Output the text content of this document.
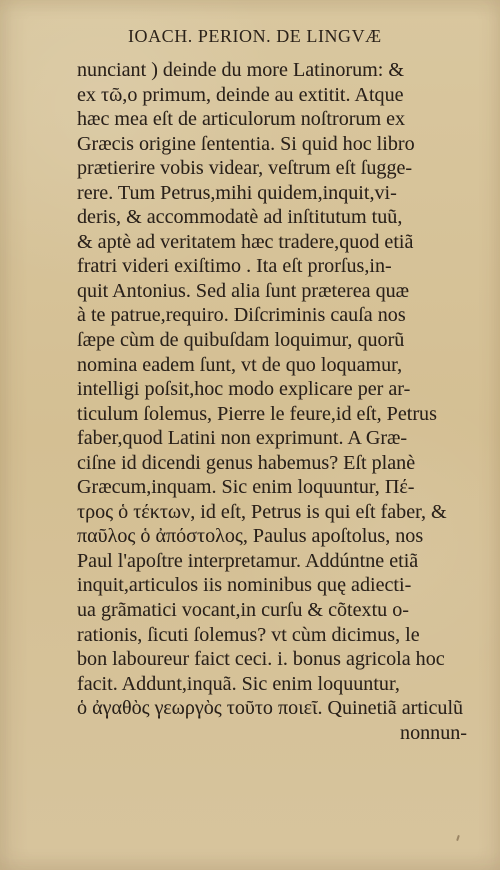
IOACH. PERION. DE LINGVÆ
nunciant ) deinde du more Latinorum: &
ex τῶ,o primum, deinde au extitit. Atque
hæc mea eſt de articulorum noſtrorum ex
Græcis origine ſententia. Si quid hoc libro
prætierire vobis videar, veſtrum eſt ſugge-
rere. Tum Petrus,mihi quidem,inquit,vi-
deris, & accommodatè ad inſtitutum tuũ,
& aptè ad veritatem hæc tradere,quod etiã
fratri videri exiſtimo . Ita eſt prorſus,in-
quit Antonius. Sed alia ſunt præterea quæ
à te patrue,requiro. Diſcriminis cauſa nos
ſæpe cùm de quibuſdam loquimur, quorũ
nomina eadem ſunt, vt de quo loquamur,
intelligi poſsit,hoc modo explicare per ar-
ticulum ſolemus, Pierre le feure,id eſt, Petrus
faber,quod Latini non exprimunt. A Græ-
ciſne id dicendi genus habemus? Eſt planè
Græcum,inquam. Sic enim loquuntur, Πέ-
τρος ὁ τέκτων, id eſt, Petrus is qui eſt faber, &
παῦλος ὁ ἀπόστολος, Paulus apoſtolus, nos
Paul l'apoſtre interpretamur. Addúntne etiã
inquit,articulos iis nominibus quę adiecti-
ua grãmatici vocant,in curſu & cõtextu o-
rationis, ſicuti ſolemus? vt cùm dicimus, le
bon laboureur faict ceci. i. bonus agricola hoc
facit. Addunt,inquã. Sic enim loquuntur,
ὁ ἀγαθὸς γεωργὸς τοῦτο ποιεῖ. Quinetiã articulũ
nonnun-
